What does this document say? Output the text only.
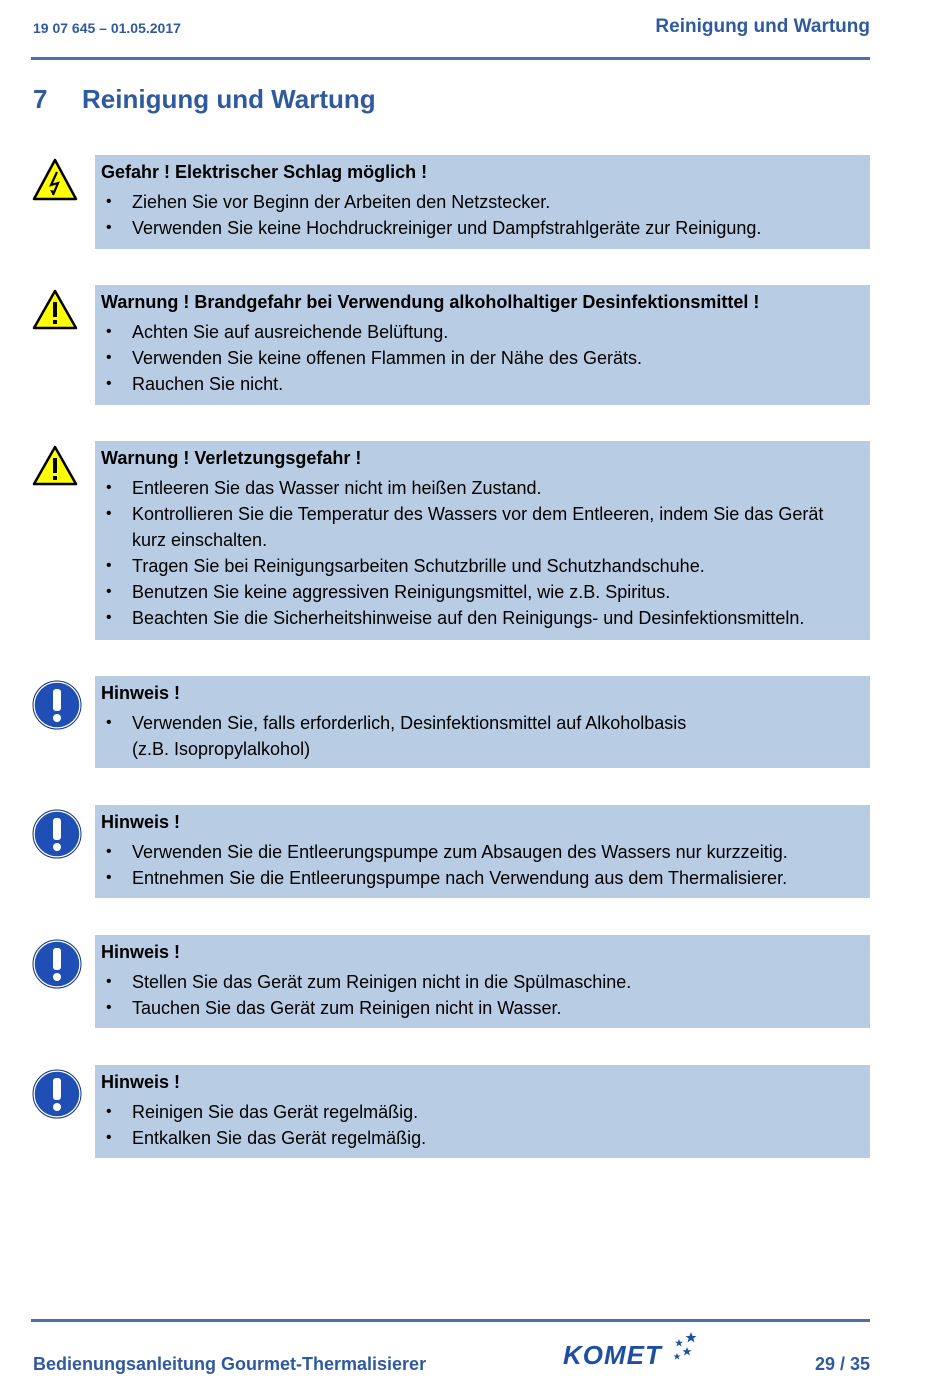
19 07 645 – 01.05.2017	Reinigung und Wartung
7 Reinigung und Wartung
Gefahr ! Elektrischer Schlag möglich !
• Ziehen Sie vor Beginn der Arbeiten den Netzstecker.
• Verwenden Sie keine Hochdruckreiniger und Dampfstrahlgeräte zur Reinigung.
Warnung ! Brandgefahr bei Verwendung alkoholhaltiger Desinfektionsmittel !
• Achten Sie auf ausreichende Belüftung.
• Verwenden Sie keine offenen Flammen in der Nähe des Geräts.
• Rauchen Sie nicht.
Warnung ! Verletzungsgefahr !
• Entleeren Sie das Wasser nicht im heißen Zustand.
• Kontrollieren Sie die Temperatur des Wassers vor dem Entleeren, indem Sie das Gerät kurz einschalten.
• Tragen Sie bei Reinigungsarbeiten Schutzbrille und Schutzhandschuhe.
• Benutzen Sie keine aggressiven Reinigungsmittel, wie z.B. Spiritus.
• Beachten Sie die Sicherheitshinweise auf den Reinigungs- und Desinfektionsmitteln.
Hinweis !
• Verwenden Sie, falls erforderlich, Desinfektionsmittel auf Alkoholbasis (z.B. Isopropylalkohol)
Hinweis !
• Verwenden Sie die Entleerungspumpe zum Absaugen des Wassers nur kurzzeitig.
• Entnehmen Sie die Entleerungspumpe nach Verwendung aus dem Thermalisierer.
Hinweis !
• Stellen Sie das Gerät zum Reinigen nicht in die Spülmaschine.
• Tauchen Sie das Gerät zum Reinigen nicht in Wasser.
Hinweis !
• Reinigen Sie das Gerät regelmäßig.
• Entkalken Sie das Gerät regelmäßig.
Bedienungsanleitung Gourmet-Thermalisierer	KOMET	29 / 35
